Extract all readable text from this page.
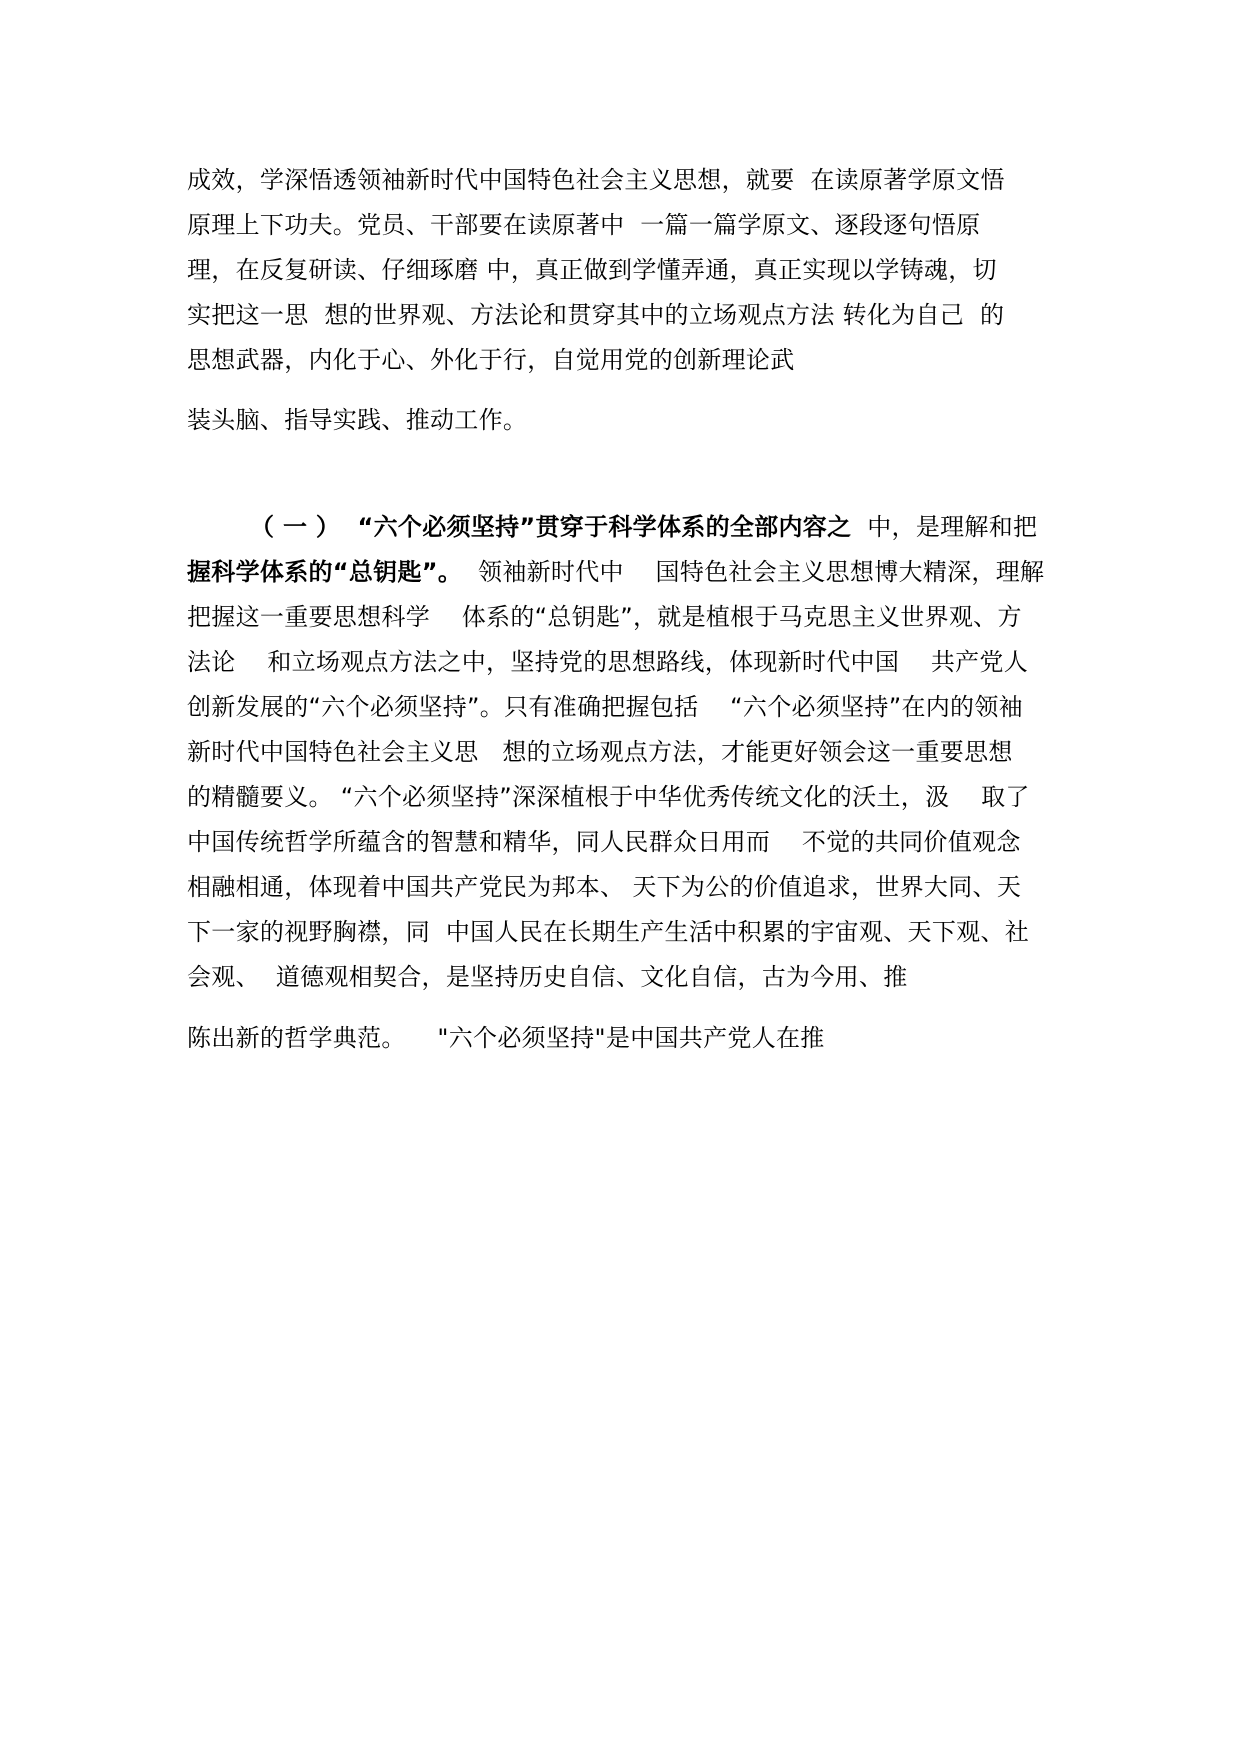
成效，学深悟透领袖新时代中国特色社会主义思想，就要  在读原著学原文悟
原理上下功夫。党员、干部要在读原著中  一篇一篇学原文、逐段逐句悟原
理，在反复研读、仔细琢磨 中，真正做到学懂弄通，真正实现以学铸魂，切
实把这一思  想的世界观、方法论和贯穿其中的立场观点方法 转化为自己  的
思想武器，内化于心、外化于行，自觉用党的创新理论武
装头脑、指导实践、推动工作。
（ 一 ）  “六个必须坚持”贯穿于科学体系的全部内容之  中，是理解和把
握科学体系的“总钥匙”。  领袖新时代中    国特色社会主义思想博大精深，理解
把握这一重要思想科学    体系的“总钥匙”，就是植根于马克思主义世界观、方
法论    和立场观点方法之中，坚持党的思想路线，体现新时代中国    共产党人
创新发展的“六个必须坚持”。只有准确把握包括    “六个必须坚持”在内的领袖
新时代中国特色社会主义思   想的立场观点方法，才能更好领会这一重要思想
的精髓要义。 “六个必须坚持”深深植根于中华优秀传统文化的沃土，汲    取了
中国传统哲学所蕴含的智慧和精华，同人民群众日用而    不觉的共同价值观念
相融相通，体现着中国共产党民为邦本、 天下为公的价值追求，世界大同、天
下一家的视野胸襟，同  中国人民在长期生产生活中积累的宇宙观、天下观、社
会观、  道德观相契合，是坚持历史自信、文化自信，古为今用、推
陈出新的哲学典范。    "六个必须坚持"是中国共产党人在推
